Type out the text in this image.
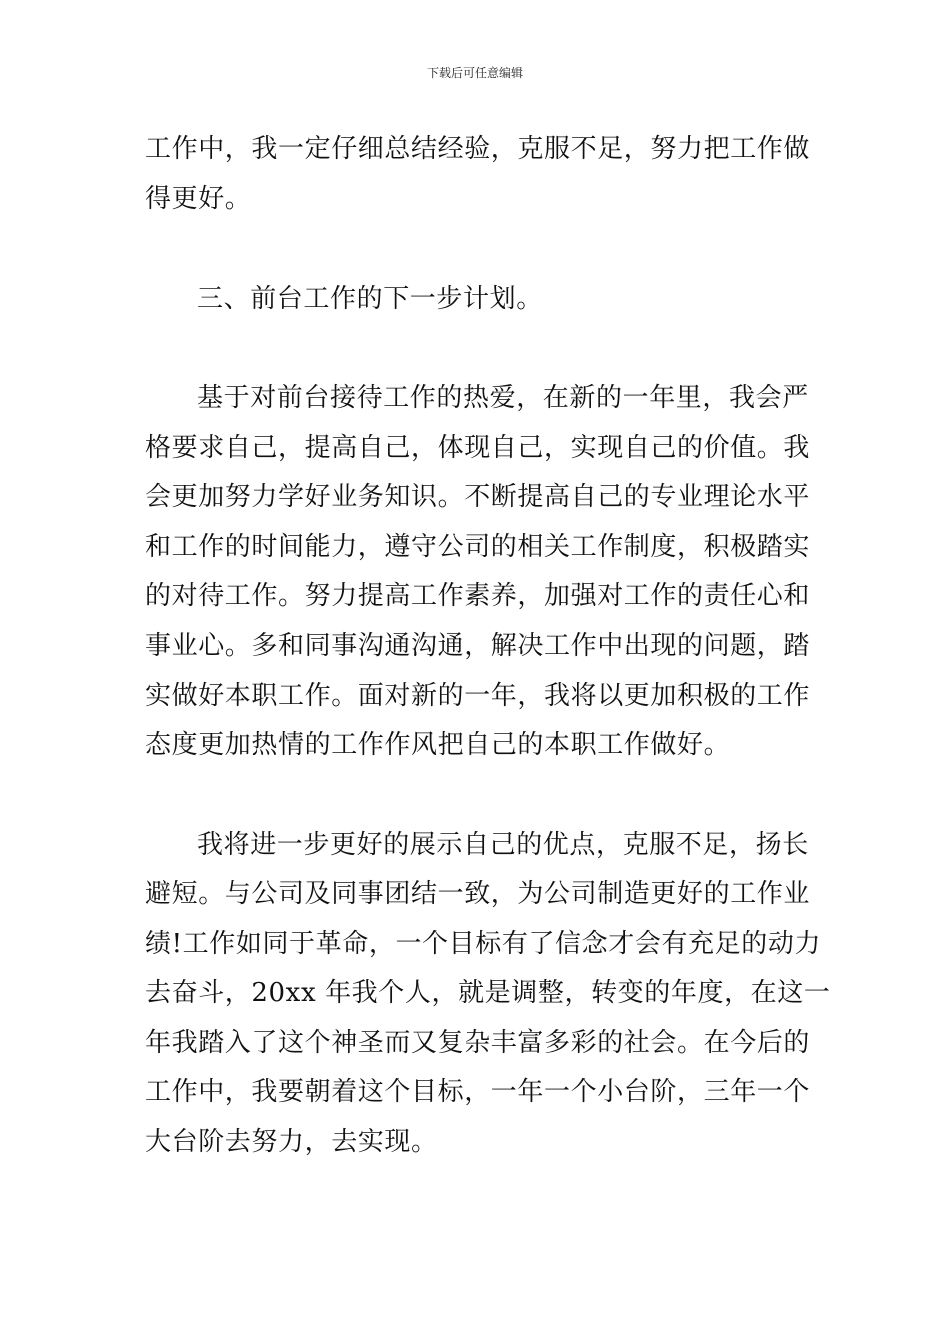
下载后可任意编辑
工作中，我一定仔细总结经验，克服不足，努力把工作做
得更好。
三、前台工作的下一步计划。
基于对前台接待工作的热爱，在新的一年里，我会严
格要求自己，提高自己，体现自己，实现自己的价值。我
会更加努力学好业务知识。不断提高自己的专业理论水平
和工作的时间能力，遵守公司的相关工作制度，积极踏实
的对待工作。努力提高工作素养，加强对工作的责任心和
事业心。多和同事沟通沟通，解决工作中出现的问题，踏
实做好本职工作。面对新的一年，我将以更加积极的工作
态度更加热情的工作作风把自己的本职工作做好。
我将进一步更好的展示自己的优点，克服不足，扬长
避短。与公司及同事团结一致，为公司制造更好的工作业
绩!工作如同于革命，一个目标有了信念才会有充足的动力
去奋斗，20xx 年我个人，就是调整，转变的年度，在这一
年我踏入了这个神圣而又复杂丰富多彩的社会。在今后的
工作中，我要朝着这个目标，一年一个小台阶，三年一个
大台阶去努力，去实现。
